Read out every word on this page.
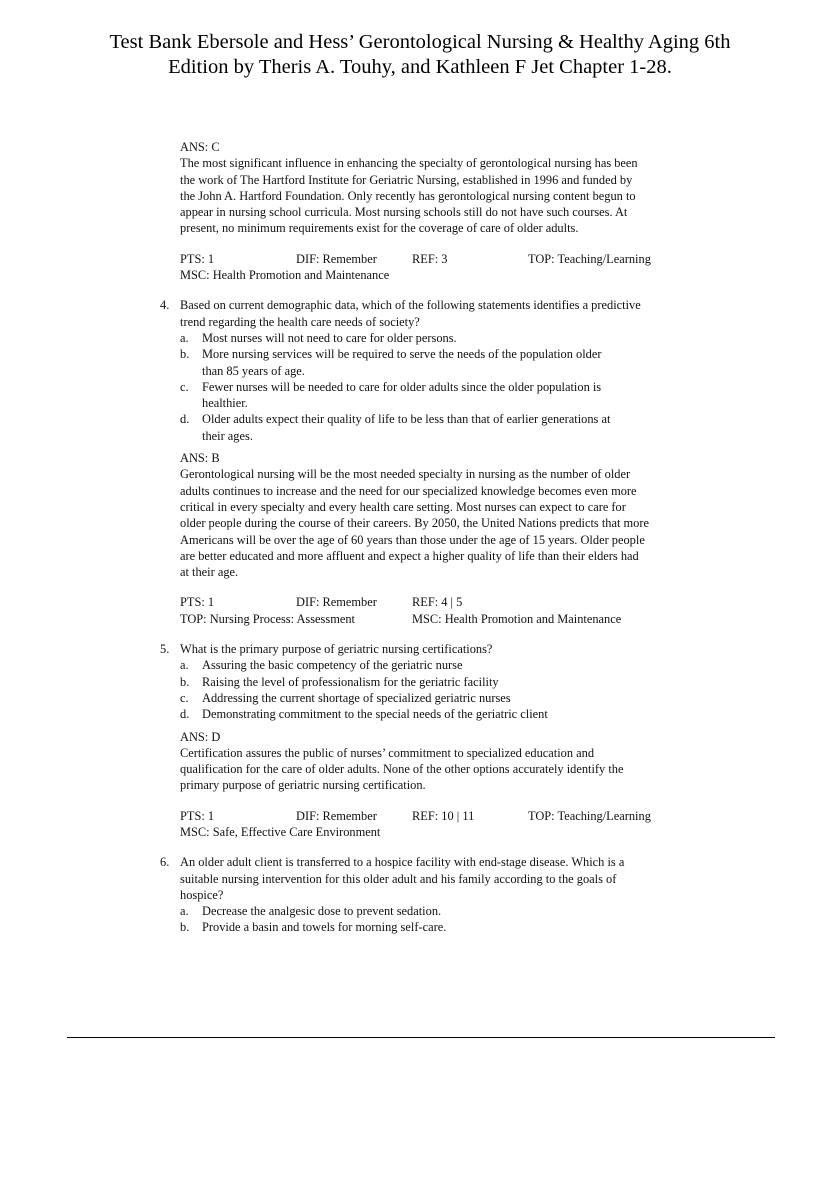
Test Bank Ebersole and Hess’ Gerontological Nursing & Healthy Aging 6th
Edition by Theris A. Touhy, and Kathleen F Jet Chapter 1-28.

ANS: C

The most significant influence in enhancing the specialty of gerontological nursing has been

the work of The Hartford Institute for Geriatric Nursing, established in 1996 and funded by

the John A. Hartford Foundation. Only recently has gerontological nursing content begun to

appear in nursing school curricula. Most nursing schools still do not have such courses. At

present, no minimum requirements exist for the coverage of care of older adults.

PTS: 1	DIF: Remember	REF: 3	TOP: Teaching/Learning
MSC: Health Promotion and Maintenance
4. Based on current demographic data, which of the following statements identifies a predictive

trend regarding the health care needs of society?

a. Most nurses will not need to care for older persons.

b. More nursing services will be required to serve the needs of the population older

than 85 years of age.

c. Fewer nurses will be needed to care for older adults since the older population is

healthier.

d. Older adults expect their quality of life to be less than that of earlier generations at

their ages.

ANS: B

Gerontological nursing will be the most needed specialty in nursing as the number of older

adults continues to increase and the need for our specialized knowledge becomes even more

critical in every specialty and every health care setting. Most nurses can expect to care for

older people during the course of their careers. By 2050, the United Nations predicts that more

Americans will be over the age of 60 years than those under the age of 15 years. Older people

are better educated and more affluent and expect a higher quality of life than their elders had

at their age.

PTS: 1	DIF: Remember	REF: 4 | 5
TOP: Nursing Process: Assessment	MSC: Health Promotion and Maintenance
5. What is the primary purpose of geriatric nursing certifications?

a. Assuring the basic competency of the geriatric nurse

b. Raising the level of professionalism for the geriatric facility

c. Addressing the current shortage of specialized geriatric nurses

d. Demonstrating commitment to the special needs of the geriatric client

ANS: D

Certification assures the public of nurses’ commitment to specialized education and

qualification for the care of older adults. None of the other options accurately identify the

primary purpose of geriatric nursing certification.

PTS: 1	DIF: Remember	REF: 10 | 11	TOP: Teaching/Learning
MSC: Safe, Effective Care Environment
6. An older adult client is transferred to a hospice facility with end-stage disease. Which is a

suitable nursing intervention for this older adult and his family according to the goals of

hospice?

a. Decrease the analgesic dose to prevent sedation.

b. Provide a basin and towels for morning self-care.
